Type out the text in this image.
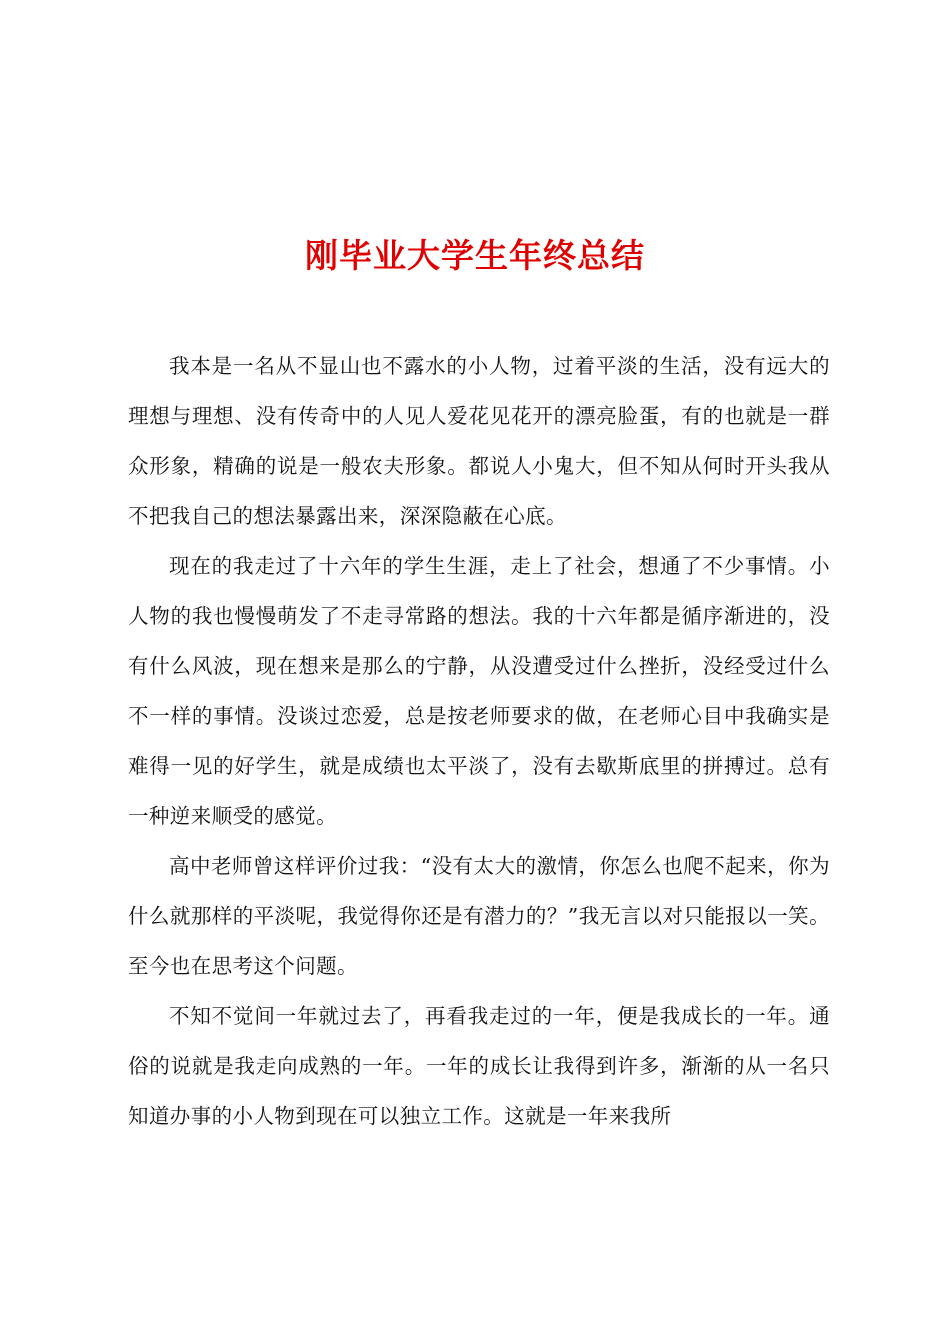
刚毕业大学生年终总结

我本是一名从不显山也不露水的小人物，过着平淡的生活，没有远大的理想与理想、没有传奇中的人见人爱花见花开的漂亮脸蛋，有的也就是一群众形象，精确的说是一般农夫形象。都说人小鬼大，但不知从何时开头我从不把我自己的想法暴露出来，深深隐蔽在心底。

现在的我走过了十六年的学生生涯，走上了社会，想通了不少事情。小人物的我也慢慢萌发了不走寻常路的想法。我的十六年都是循序渐进的，没有什么风波，现在想来是那么的宁静，从没遭受过什么挫折，没经受过什么不一样的事情。没谈过恋爱，总是按老师要求的做，在老师心目中我确实是难得一见的好学生，就是成绩也太平淡了，没有去歇斯底里的拼搏过。总有一种逆来顺受的感觉。

高中老师曾这样评价过我：“没有太大的激情，你怎么也爬不起来，你为什么就那样的平淡呢，我觉得你还是有潜力的？”我无言以对只能报以一笑。至今也在思考这个问题。

不知不觉间一年就过去了，再看我走过的一年，便是我成长的一年。通俗的说就是我走向成熟的一年。一年的成长让我得到许多，渐渐的从一名只知道办事的小人物到现在可以独立工作。这就是一年来我所
